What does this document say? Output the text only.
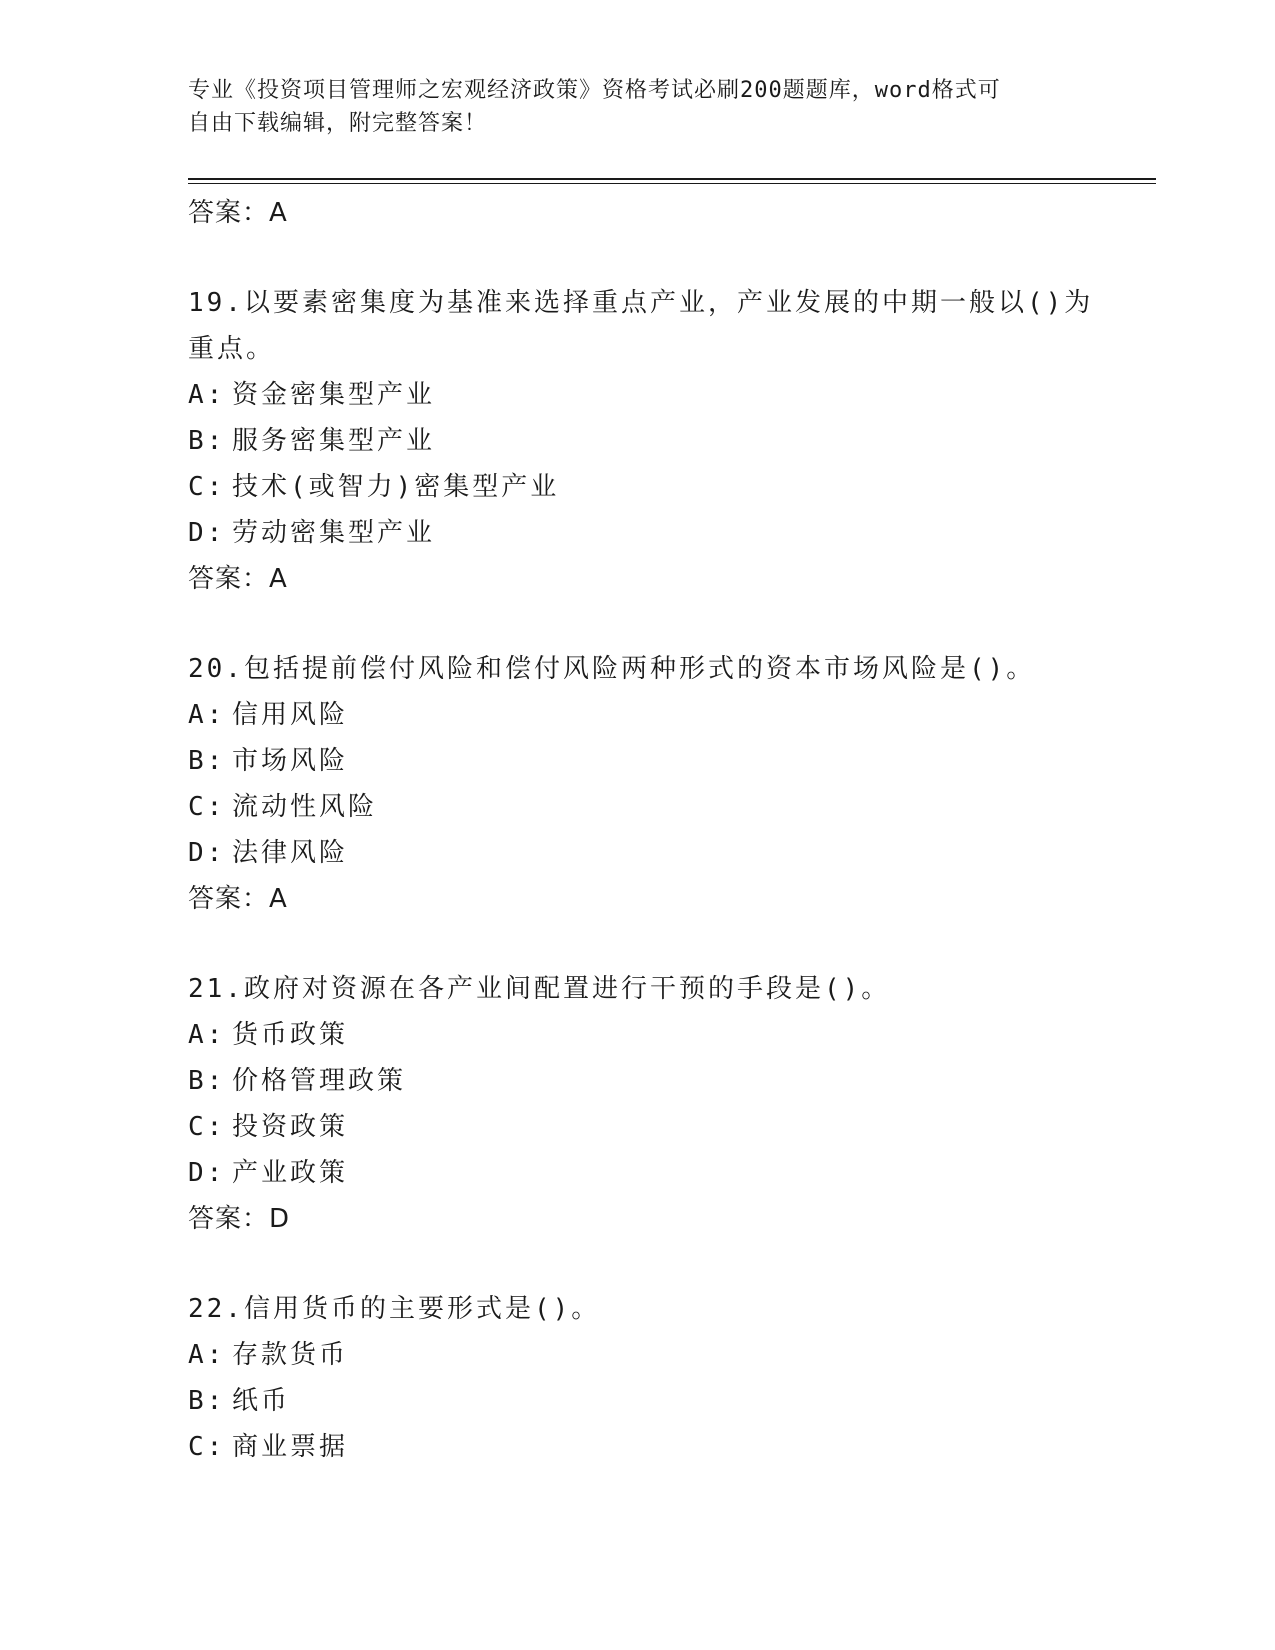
专业《投资项目管理师之宏观经济政策》资格考试必刷200题题库，word格式可
自由下载编辑，附完整答案！
答案：A
19.以要素密集度为基准来选择重点产业，产业发展的中期一般以()为
重点。
A: 资金密集型产业
B: 服务密集型产业
C: 技术(或智力)密集型产业
D: 劳动密集型产业
答案：A
20.包括提前偿付风险和偿付风险两种形式的资本市场风险是()。
A: 信用风险
B: 市场风险
C: 流动性风险
D: 法律风险
答案：A
21.政府对资源在各产业间配置进行干预的手段是()。
A: 货币政策
B: 价格管理政策
C: 投资政策
D: 产业政策
答案：D
22.信用货币的主要形式是()。
A: 存款货币
B: 纸币
C: 商业票据
